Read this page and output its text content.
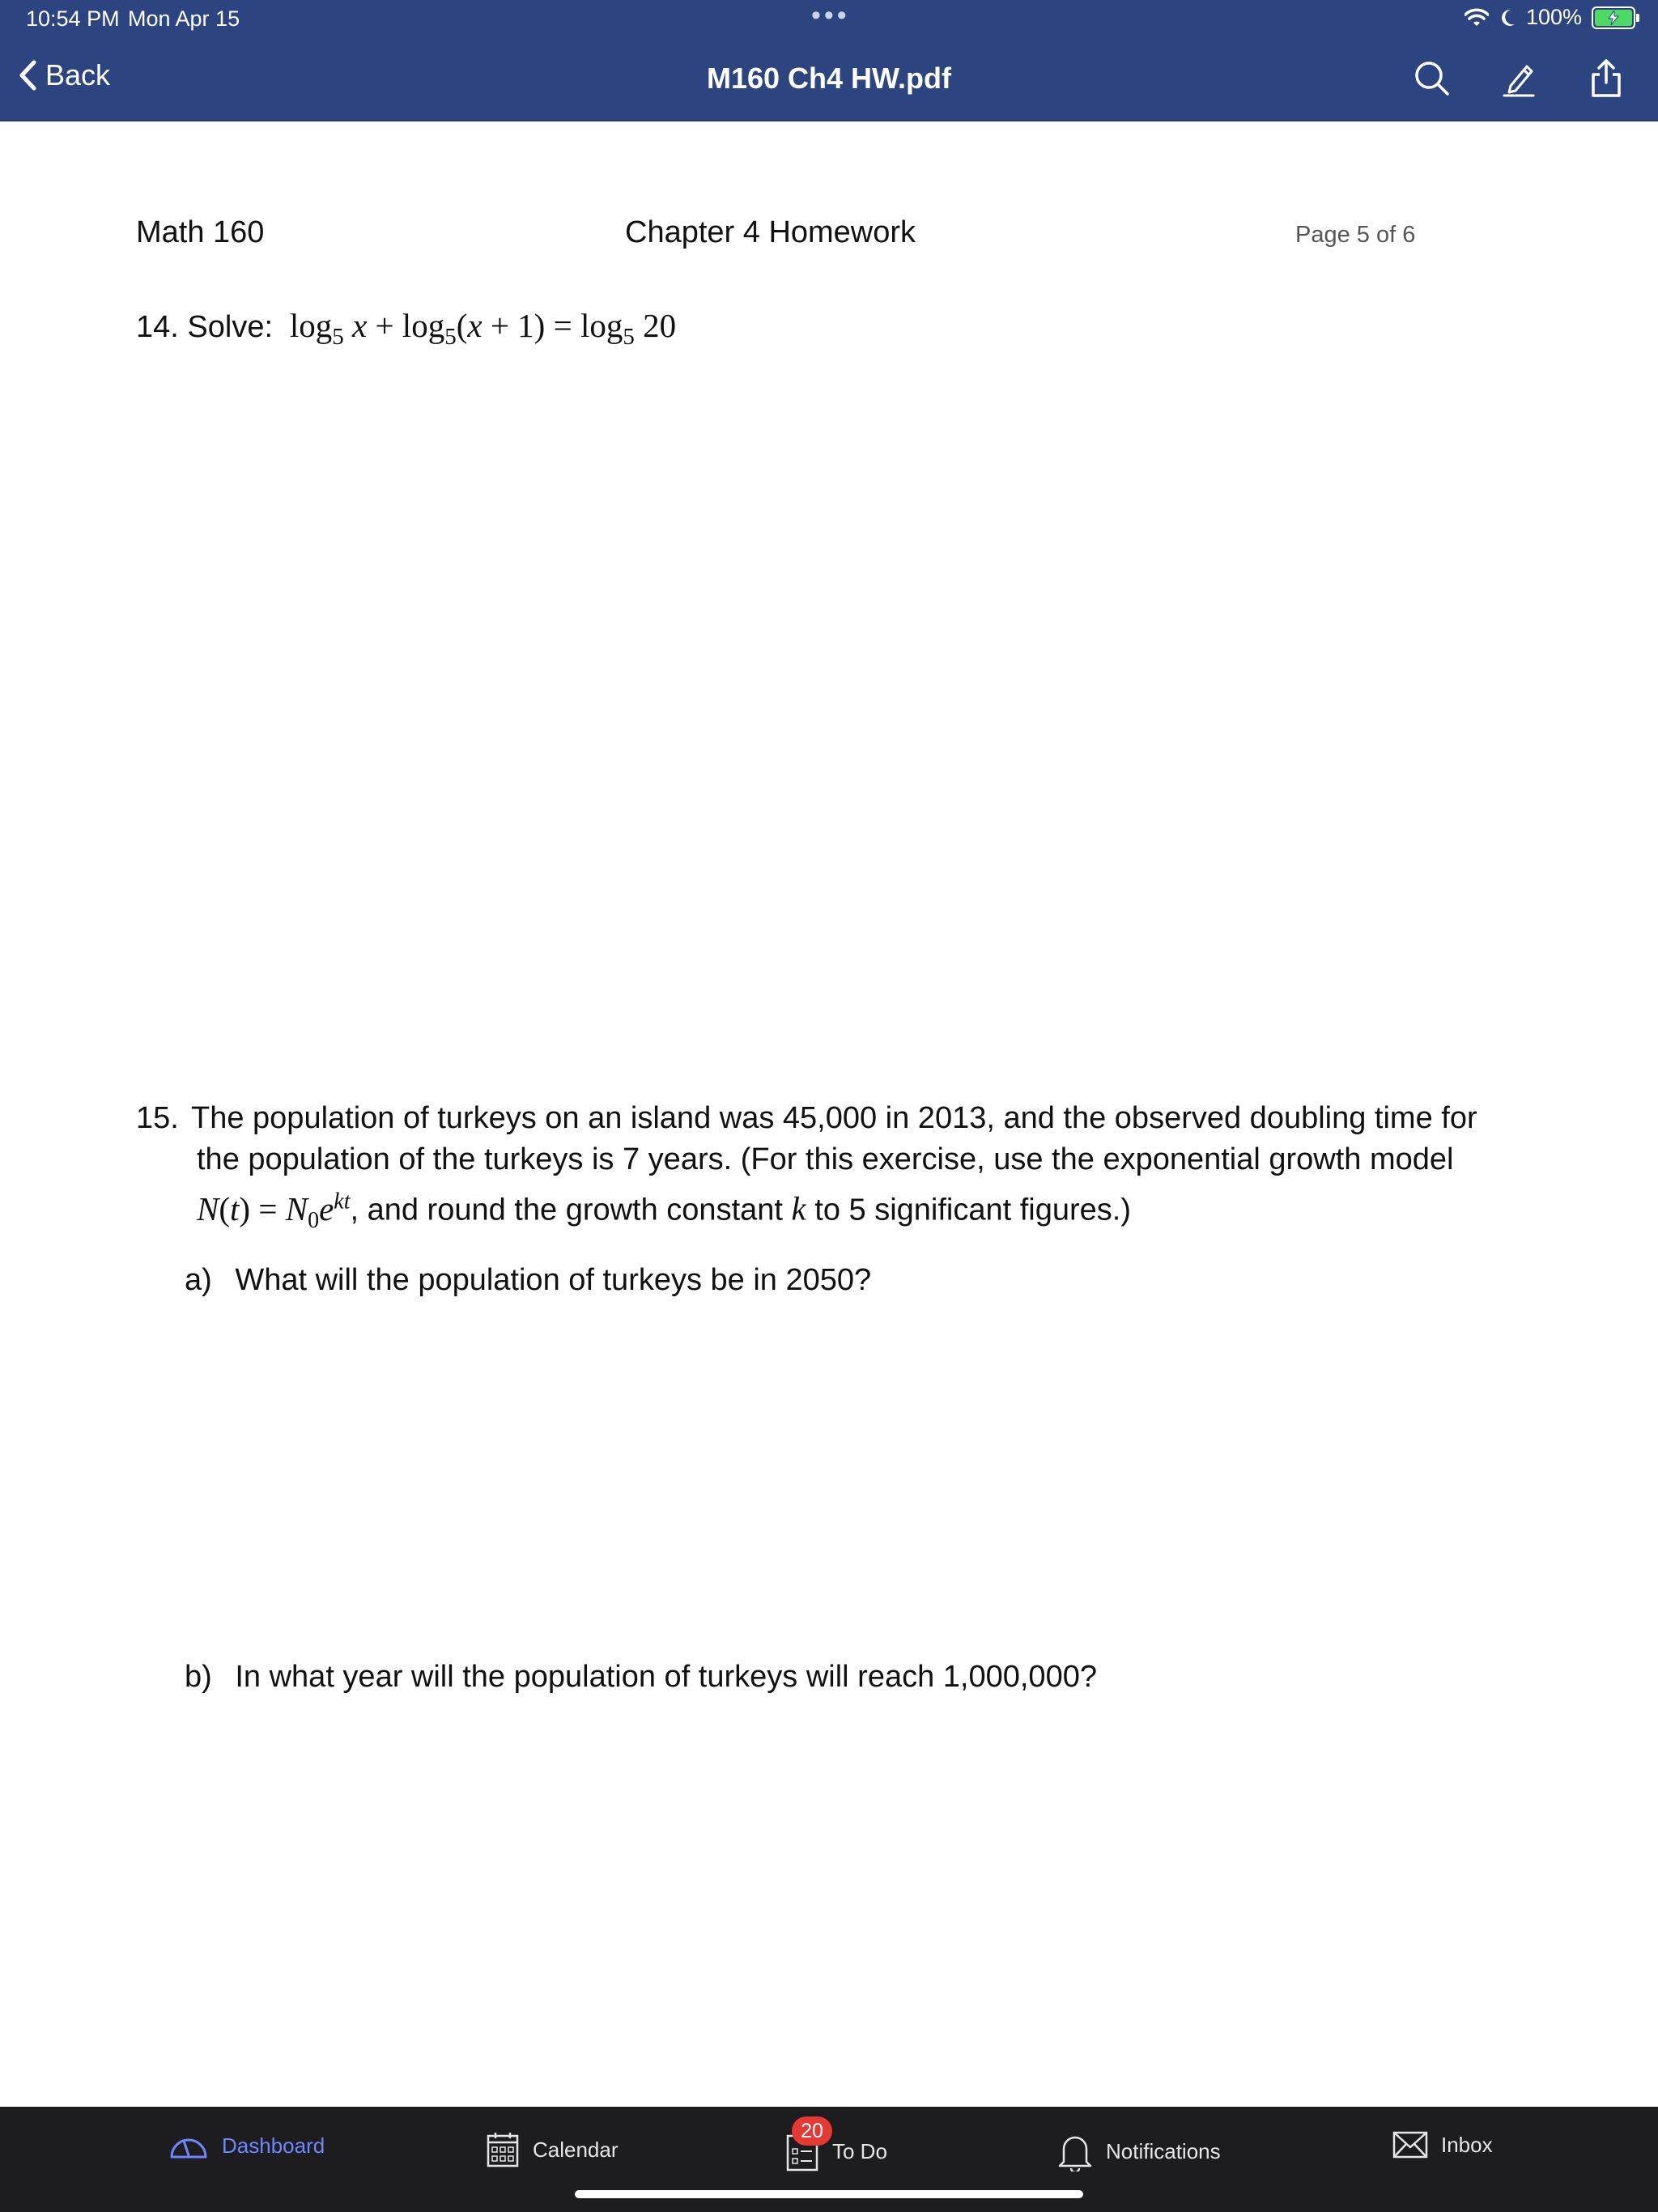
10:54 PM Mon Apr 15	•••	100%
Back	M160 Ch4 HW.pdf
Math 160	Chapter 4 Homework	Page 5 of 6
14. Solve:  $\log_5 x + \log_5(x + 1) = \log_5 20$
15. The population of turkeys on an island was 45,000 in 2013, and the observed doubling time for the population of the turkeys is 7 years. (For this exercise, use the exponential growth model $N(t) = N_0e^{kt}$, and round the growth constant k to 5 significant figures.)
a) What will the population of turkeys be in 2050?
b) In what year will the population of turkeys will reach 1,000,000?
Dashboard	Calendar	To Do
20
Notifications	Inbox
